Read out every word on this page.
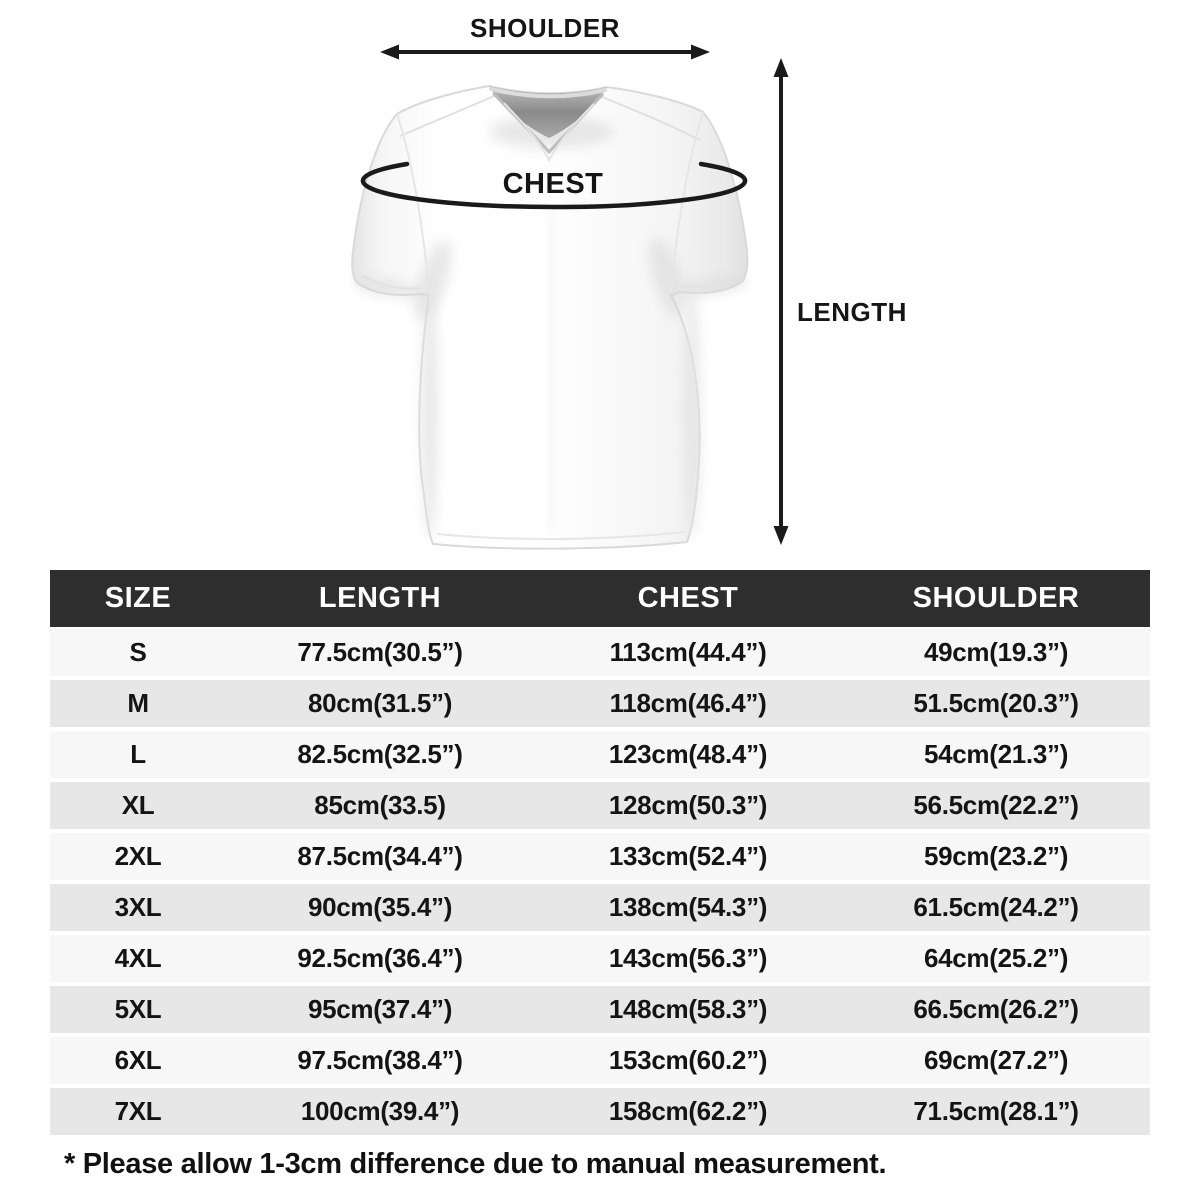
SHOULDER
CHEST
LENGTH
SIZE	LENGTH	CHEST	SHOULDER
S	77.5cm(30.5”)	113cm(44.4”)	49cm(19.3”)
M	80cm(31.5”)	118cm(46.4”)	51.5cm(20.3”)
L	82.5cm(32.5”)	123cm(48.4”)	54cm(21.3”)
XL	85cm(33.5)	128cm(50.3”)	56.5cm(22.2”)
2XL	87.5cm(34.4”)	133cm(52.4”)	59cm(23.2”)
3XL	90cm(35.4”)	138cm(54.3”)	61.5cm(24.2”)
4XL	92.5cm(36.4”)	143cm(56.3”)	64cm(25.2”)
5XL	95cm(37.4”)	148cm(58.3”)	66.5cm(26.2”)
6XL	97.5cm(38.4”)	153cm(60.2”)	69cm(27.2”)
7XL	100cm(39.4”)	158cm(62.2”)	71.5cm(28.1”)
* Please allow 1-3cm difference due to manual measurement.
